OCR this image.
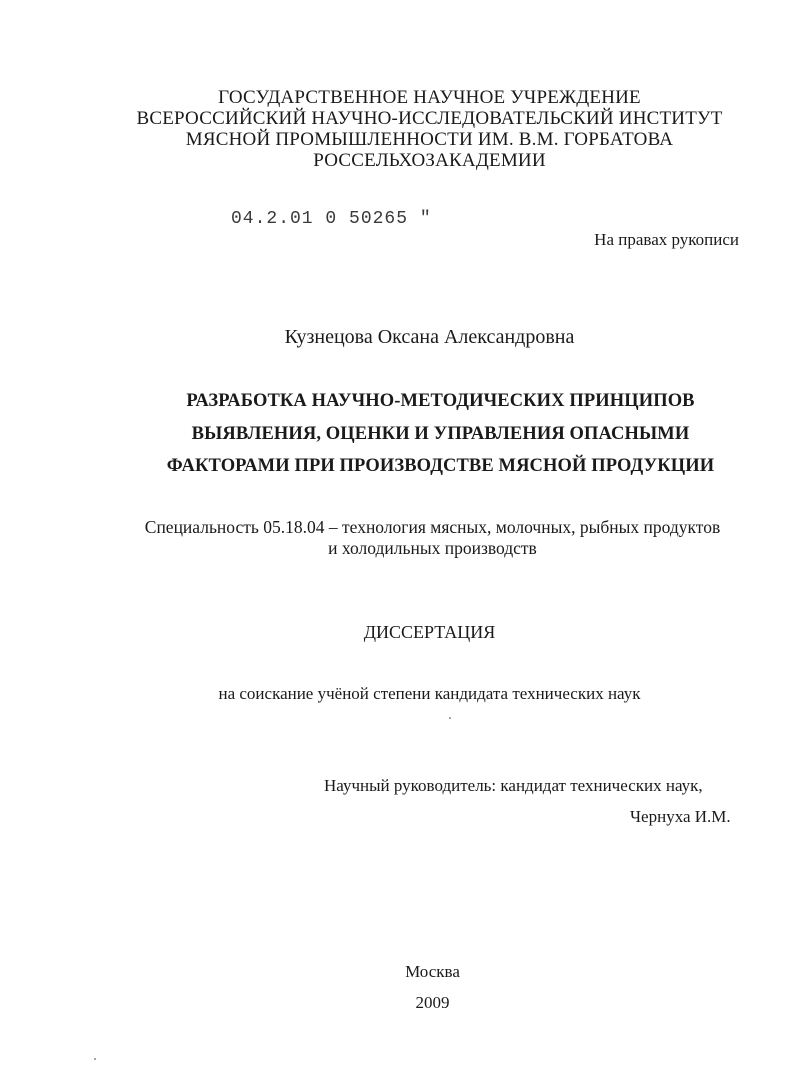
ГОСУДАРСТВЕННОЕ НАУЧНОЕ УЧРЕЖДЕНИЕ
ВСЕРОССИЙСКИЙ НАУЧНО-ИССЛЕДОВАТЕЛЬСКИЙ ИНСТИТУТ
МЯСНОЙ ПРОМЫШЛЕННОСТИ ИМ. В.М. ГОРБАТОВА
РОССЕЛЬХОЗАКАДЕМИИ
04.2.01 0 50265 "
На правах рукописи
Кузнецова Оксана Александровна
РАЗРАБОТКА НАУЧНО-МЕТОДИЧЕСКИХ ПРИНЦИПОВ
ВЫЯВЛЕНИЯ, ОЦЕНКИ И УПРАВЛЕНИЯ ОПАСНЫМИ
ФАКТОРАМИ ПРИ ПРОИЗВОДСТВЕ МЯСНОЙ ПРОДУКЦИИ
Специальность 05.18.04 – технология мясных, молочных, рыбных продуктов
и холодильных производств
ДИССЕРТАЦИЯ
на соискание учёной степени кандидата технических наук
Научный руководитель: кандидат технических наук,
Чернуха И.М.
Москва
2009
